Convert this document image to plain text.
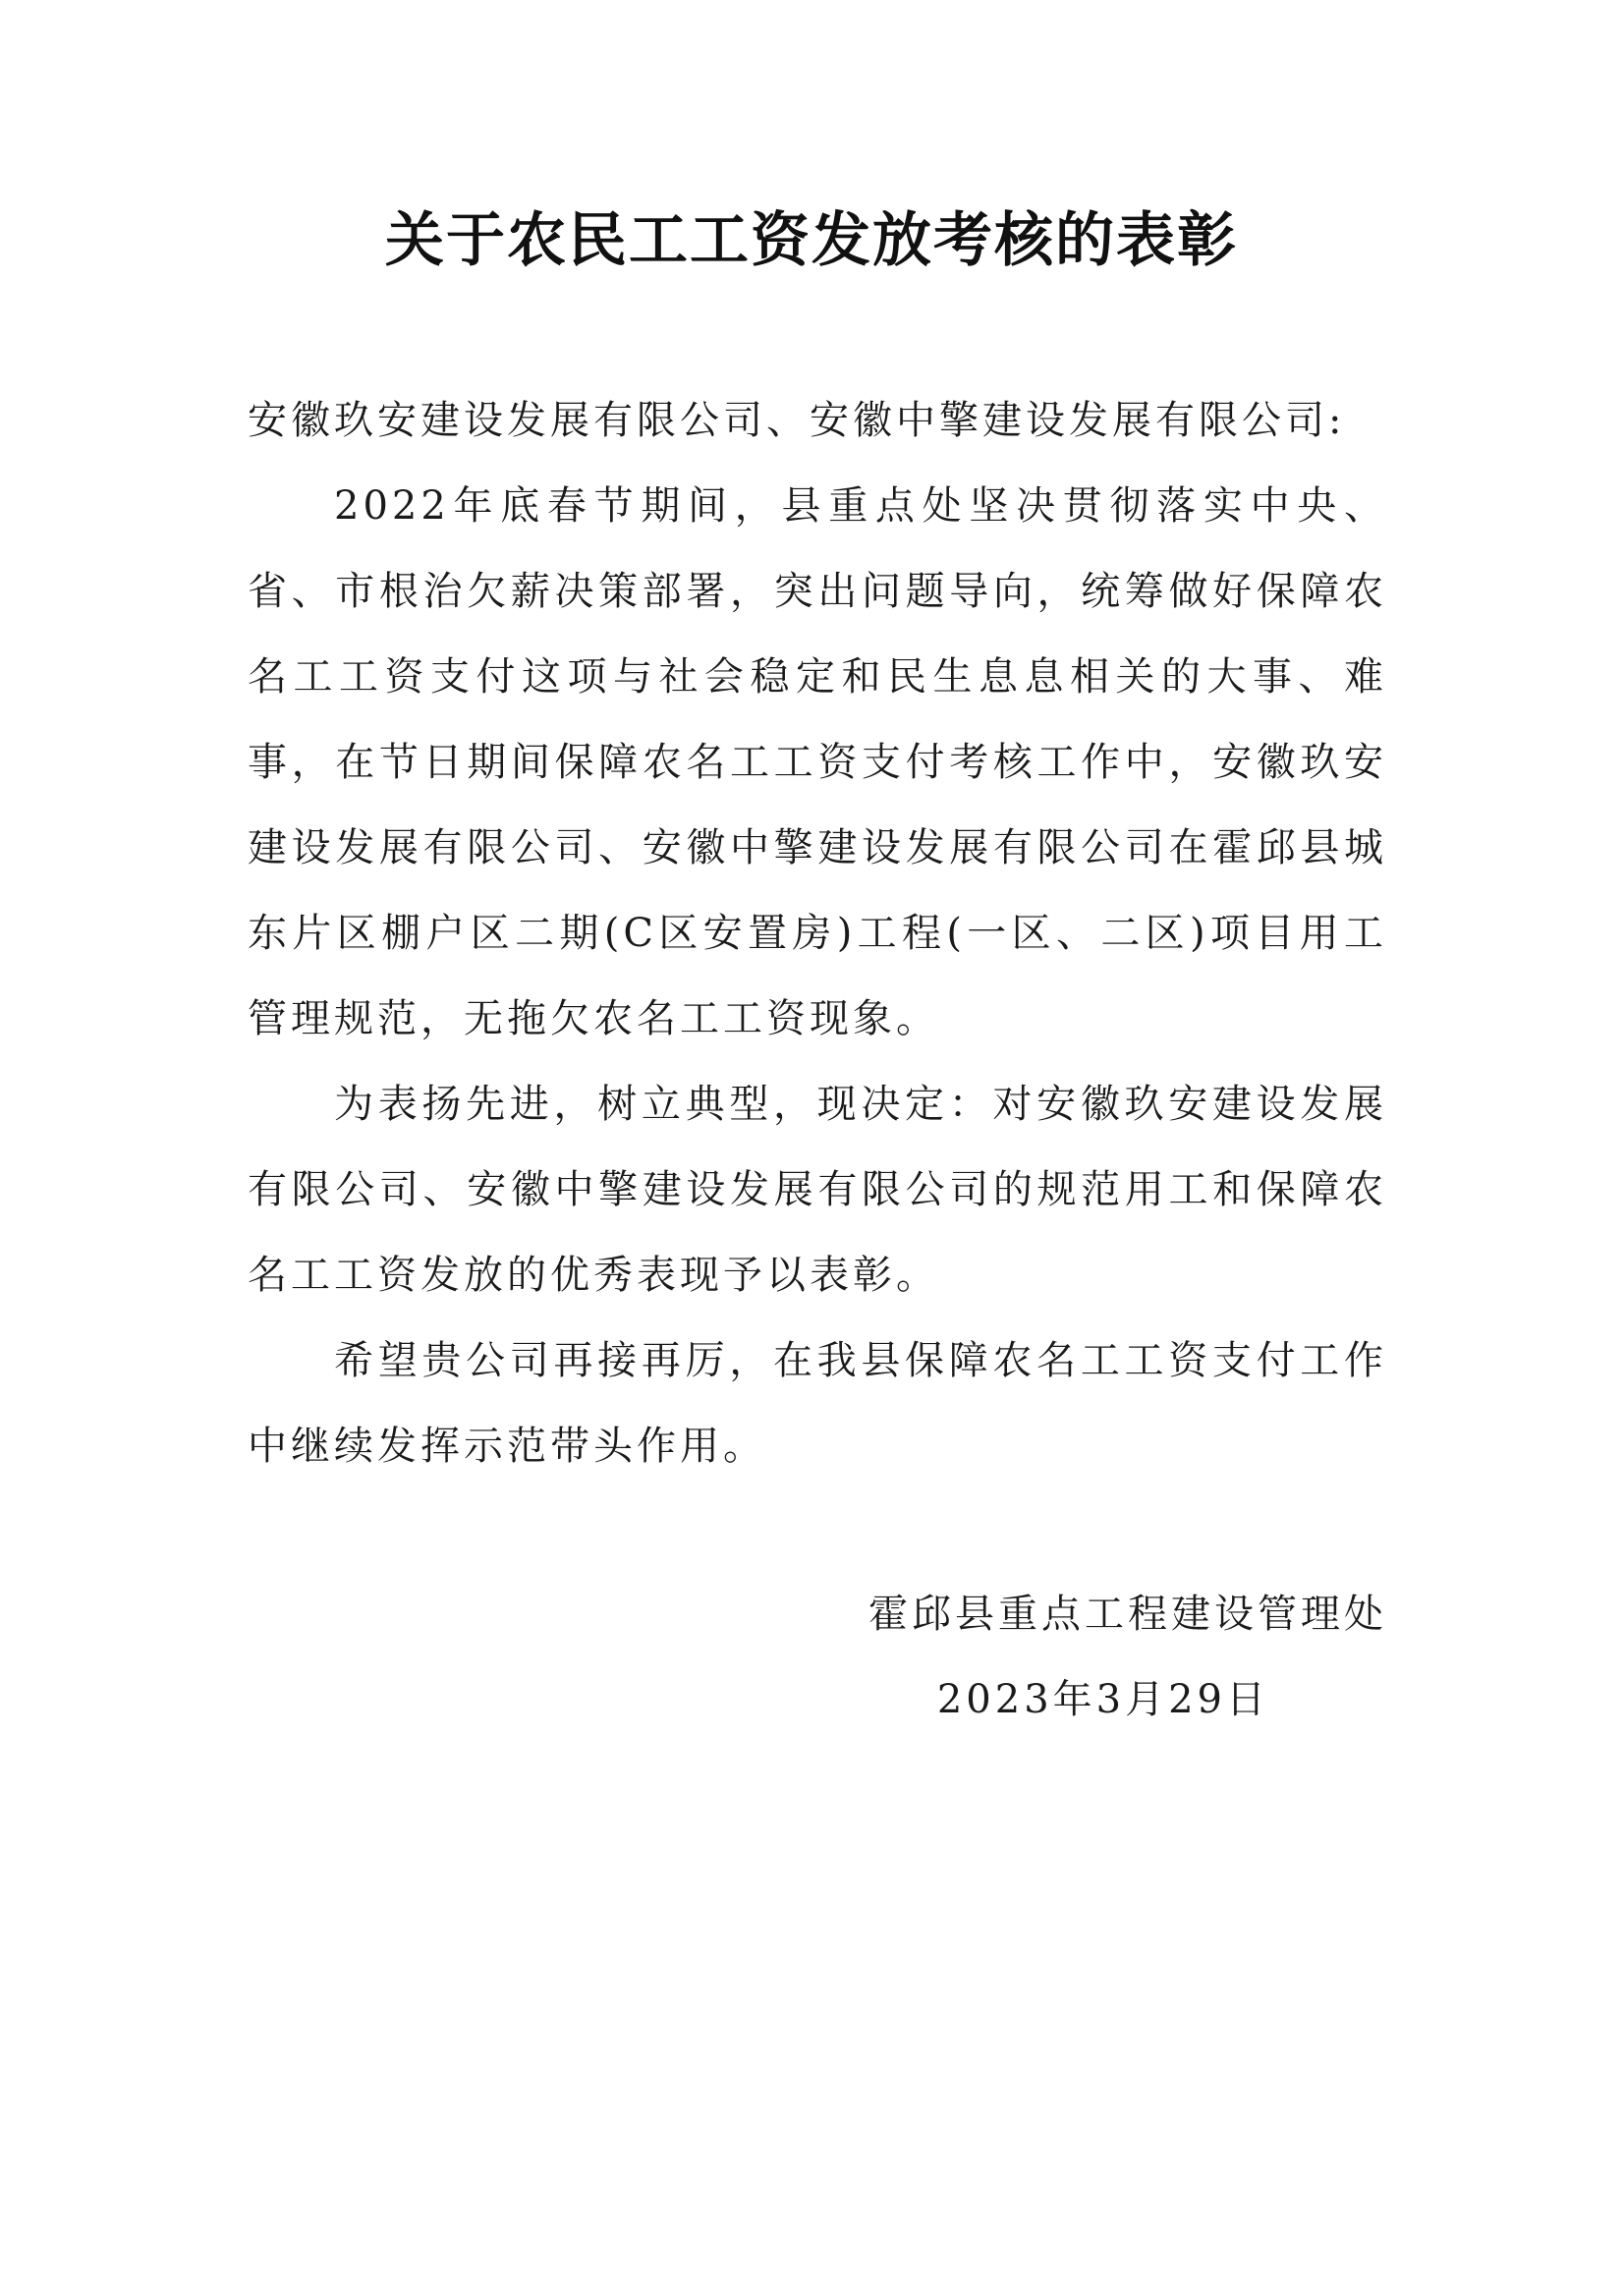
关于农民工工资发放考核的表彰

安徽玖安建设发展有限公司、安徽中擎建设发展有限公司:

2022年底春节期间，县重点处坚决贯彻落实中央、省、市根治欠薪决策部署，突出问题导向，统筹做好保障农名工工资支付这项与社会稳定和民生息息相关的大事、难事，在节日期间保障农名工工资支付考核工作中，安徽玖安建设发展有限公司、安徽中擎建设发展有限公司在霍邱县城东片区棚户区二期(C区安置房)工程(一区、二区)项目用工管理规范，无拖欠农名工工资现象。

为表扬先进，树立典型，现决定：对安徽玖安建设发展有限公司、安徽中擎建设发展有限公司的规范用工和保障农名工工资发放的优秀表现予以表彰。

希望贵公司再接再厉，在我县保障农名工工资支付工作中继续发挥示范带头作用。

霍邱县重点工程建设管理处
2023年3月29日
